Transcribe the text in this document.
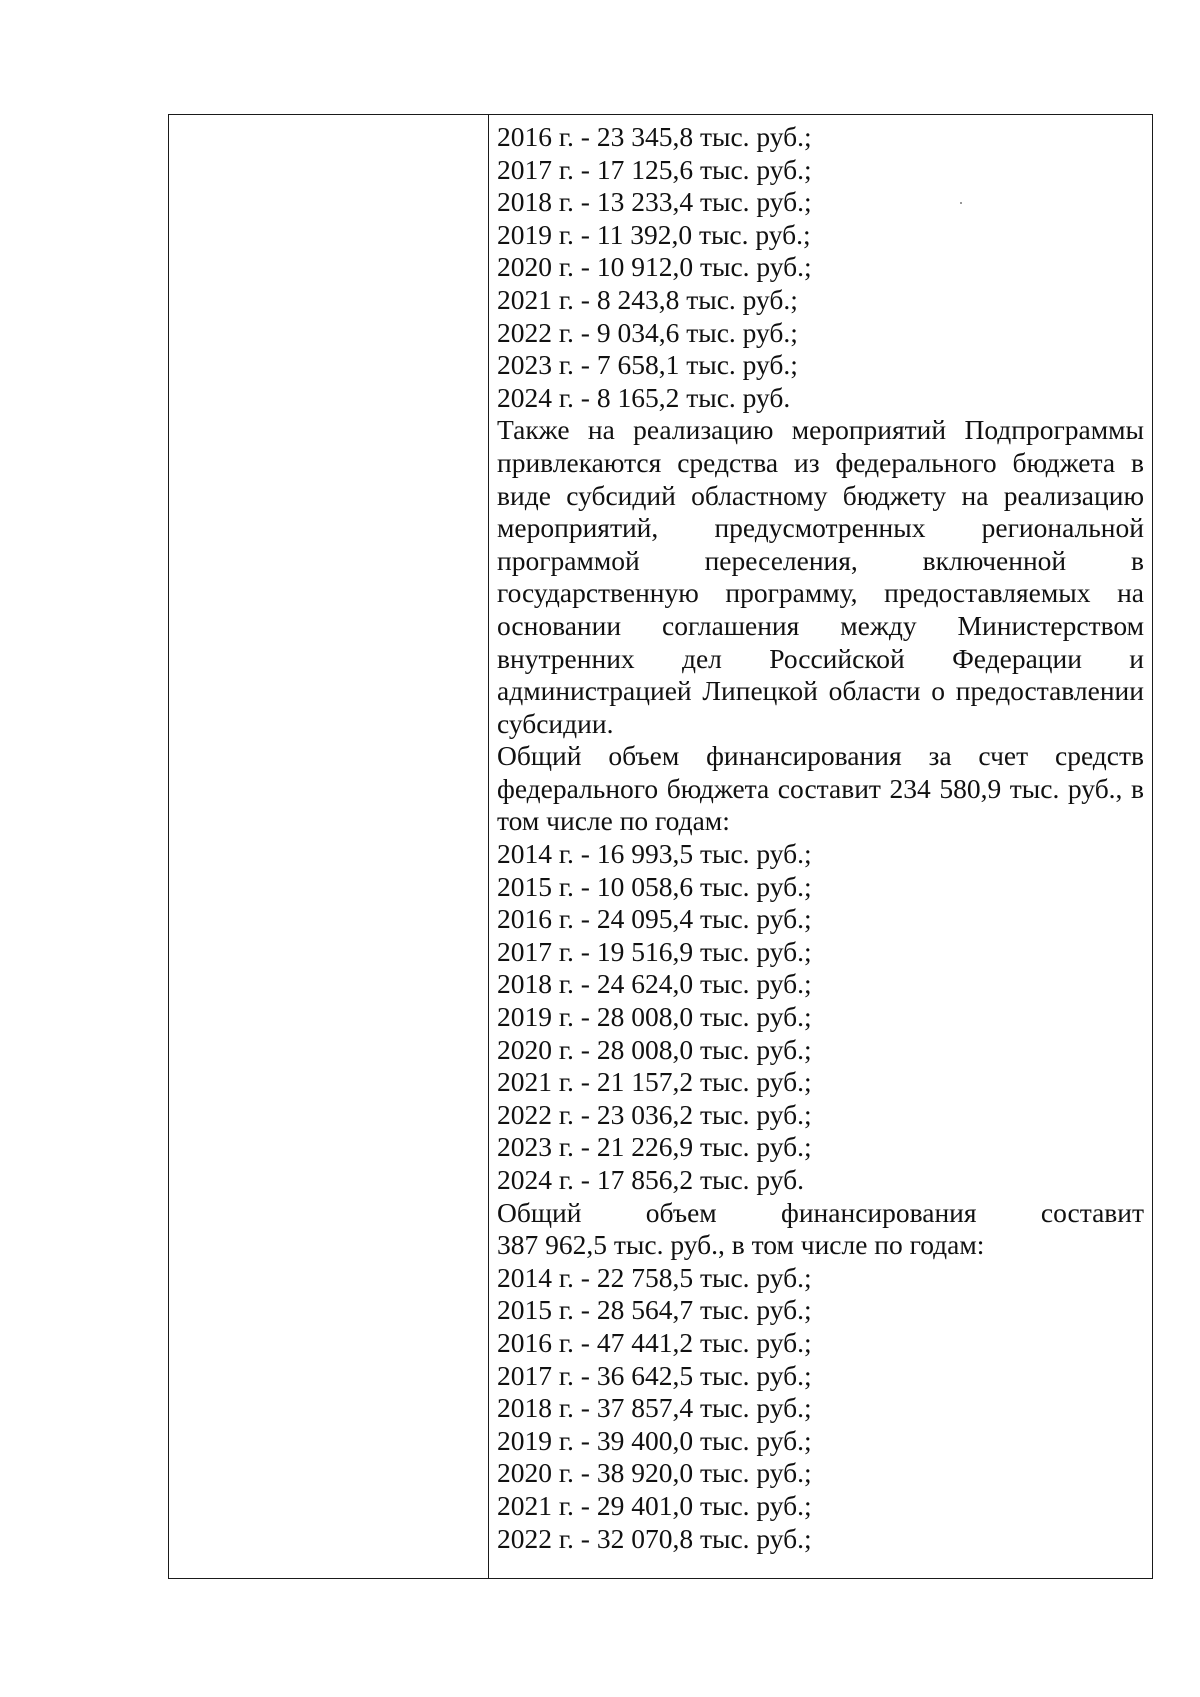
2016 г. - 23 345,8 тыс. руб.;
2017 г. - 17 125,6 тыс. руб.;
2018 г. - 13 233,4 тыс. руб.;
2019 г. - 11 392,0 тыс. руб.;
2020 г. - 10 912,0 тыс. руб.;
2021 г. - 8 243,8 тыс. руб.;
2022 г. - 9 034,6 тыс. руб.;
2023 г. - 7 658,1 тыс. руб.;
2024 г. - 8 165,2 тыс. руб.
Также на реализацию мероприятий Подпрограммы привлекаются средства из федерального бюджета в виде субсидий областному бюджету на реализацию мероприятий, предусмотренных региональной программой переселения, включенной в государственную программу, предоставляемых на основании соглашения между Министерством внутренних дел Российской Федерации и администрацией Липецкой области о предоставлении субсидии.
Общий объем финансирования за счет средств федерального бюджета составит 234 580,9 тыс. руб., в том числе по годам:
2014 г. - 16 993,5 тыс. руб.;
2015 г. - 10 058,6 тыс. руб.;
2016 г. - 24 095,4 тыс. руб.;
2017 г. - 19 516,9 тыс. руб.;
2018 г. - 24 624,0 тыс. руб.;
2019 г. - 28 008,0 тыс. руб.;
2020 г. - 28 008,0 тыс. руб.;
2021 г. - 21 157,2 тыс. руб.;
2022 г. - 23 036,2 тыс. руб.;
2023 г. - 21 226,9 тыс. руб.;
2024 г. - 17 856,2 тыс. руб.
Общий объем финансирования составит
387 962,5 тыс. руб., в том числе по годам:
2014 г. - 22 758,5 тыс. руб.;
2015 г. - 28 564,7 тыс. руб.;
2016 г. - 47 441,2 тыс. руб.;
2017 г. - 36 642,5 тыс. руб.;
2018 г. - 37 857,4 тыс. руб.;
2019 г. - 39 400,0 тыс. руб.;
2020 г. - 38 920,0 тыс. руб.;
2021 г. - 29 401,0 тыс. руб.;
2022 г. - 32 070,8 тыс. руб.;
